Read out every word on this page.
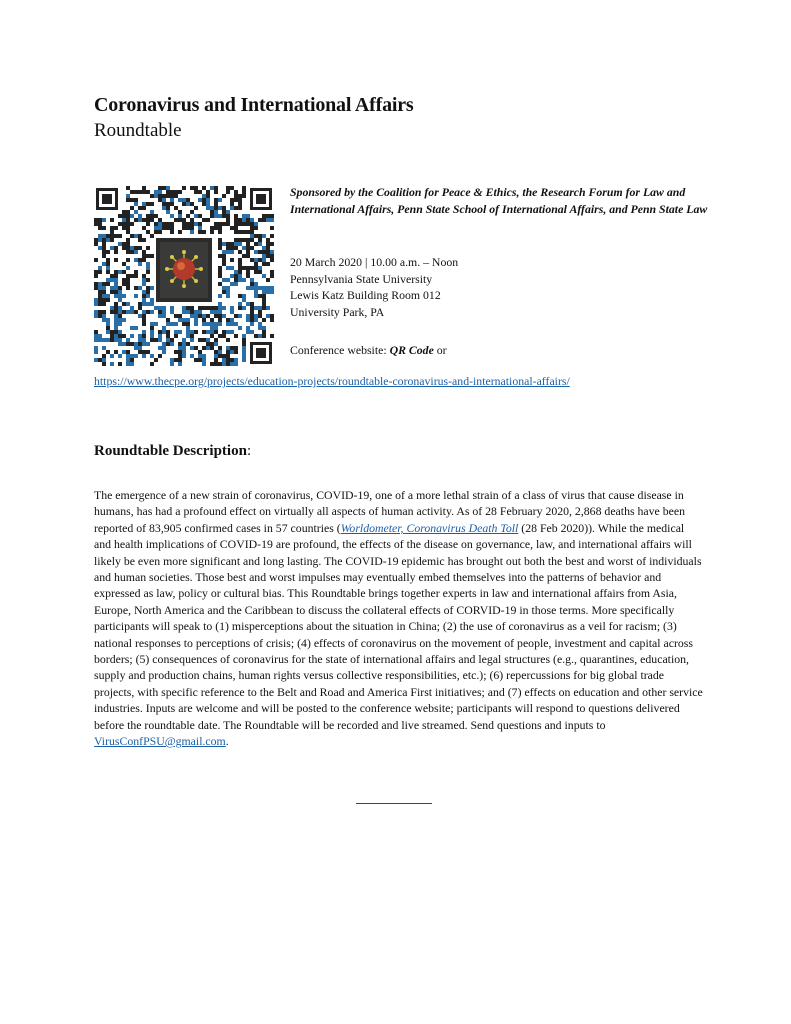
Coronavirus and International Affairs
Roundtable
Sponsored by the Coalition for Peace & Ethics, the Research Forum for Law and International Affairs, Penn State School of International Affairs, and Penn State Law
20 March 2020 | 10.00 a.m. – Noon
Pennsylvania State University
Lewis Katz Building Room 012
University Park, PA
Conference website: QR Code or
https://www.thecpe.org/projects/education-projects/roundtable-coronavirus-and-international-affairs/
Roundtable Description:
The emergence of a new strain of coronavirus, COVID-19, one of a more lethal strain of a class of virus that cause disease in humans, has had a profound effect on virtually all aspects of human activity. As of 28 February 2020, 2,868 deaths have been reported of 83,905 confirmed cases in 57 countries (Worldometer, Coronavirus Death Toll (28 Feb 2020)). While the medical and health implications of COVID-19 are profound, the effects of the disease on governance, law, and international affairs will likely be even more significant and long lasting. The COVID-19 epidemic has brought out both the best and worst of individuals and human societies. Those best and worst impulses may eventually embed themselves into the patterns of behavior and expressed as law, policy or cultural bias. This Roundtable brings together experts in law and international affairs from Asia, Europe, North America and the Caribbean to discuss the collateral effects of CORVID-19 in those terms. More specifically participants will speak to (1) misperceptions about the situation in China; (2) the use of coronavirus as a veil for racism; (3) national responses to perceptions of crisis; (4) effects of coronavirus on the movement of people, investment and capital across borders; (5) consequences of coronavirus for the state of international affairs and legal structures (e.g., quarantines, education, supply and production chains, human rights versus collective responsibilities, etc.); (6) repercussions for big global trade projects, with specific reference to the Belt and Road and America First initiatives; and (7) effects on education and other service industries. Inputs are welcome and will be posted to the conference website; participants will respond to questions delivered before the roundtable date. The Roundtable will be recorded and live streamed. Send questions and inputs to VirusConfPSU@gmail.com.
